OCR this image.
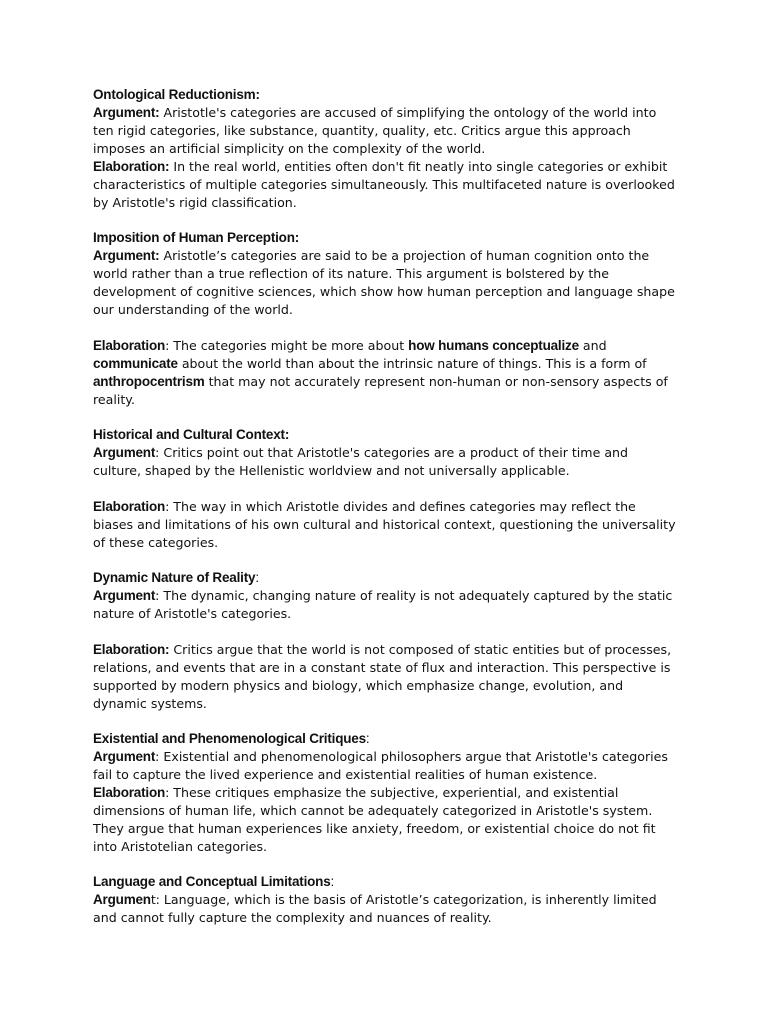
Ontological Reductionism:
Argument: Aristotle's categories are accused of simplifying the ontology of the world into ten rigid categories, like substance, quantity, quality, etc. Critics argue this approach imposes an artificial simplicity on the complexity of the world.
Elaboration: In the real world, entities often don't fit neatly into single categories or exhibit characteristics of multiple categories simultaneously. This multifaceted nature is overlooked by Aristotle's rigid classification.
Imposition of Human Perception:
Argument: Aristotle’s categories are said to be a projection of human cognition onto the world rather than a true reflection of its nature. This argument is bolstered by the development of cognitive sciences, which show how human perception and language shape our understanding of the world.
Elaboration: The categories might be more about how humans conceptualize and communicate about the world than about the intrinsic nature of things. This is a form of anthropocentrism that may not accurately represent non-human or non-sensory aspects of reality.
Historical and Cultural Context:
Argument: Critics point out that Aristotle's categories are a product of their time and culture, shaped by the Hellenistic worldview and not universally applicable.
Elaboration: The way in which Aristotle divides and defines categories may reflect the biases and limitations of his own cultural and historical context, questioning the universality of these categories.
Dynamic Nature of Reality:
Argument: The dynamic, changing nature of reality is not adequately captured by the static nature of Aristotle's categories.
Elaboration: Critics argue that the world is not composed of static entities but of processes, relations, and events that are in a constant state of flux and interaction. This perspective is supported by modern physics and biology, which emphasize change, evolution, and dynamic systems.
Existential and Phenomenological Critiques:
Argument: Existential and phenomenological philosophers argue that Aristotle's categories fail to capture the lived experience and existential realities of human existence.
Elaboration: These critiques emphasize the subjective, experiential, and existential dimensions of human life, which cannot be adequately categorized in Aristotle's system. They argue that human experiences like anxiety, freedom, or existential choice do not fit into Aristotelian categories.
Language and Conceptual Limitations:
Argument: Language, which is the basis of Aristotle’s categorization, is inherently limited and cannot fully capture the complexity and nuances of reality.
